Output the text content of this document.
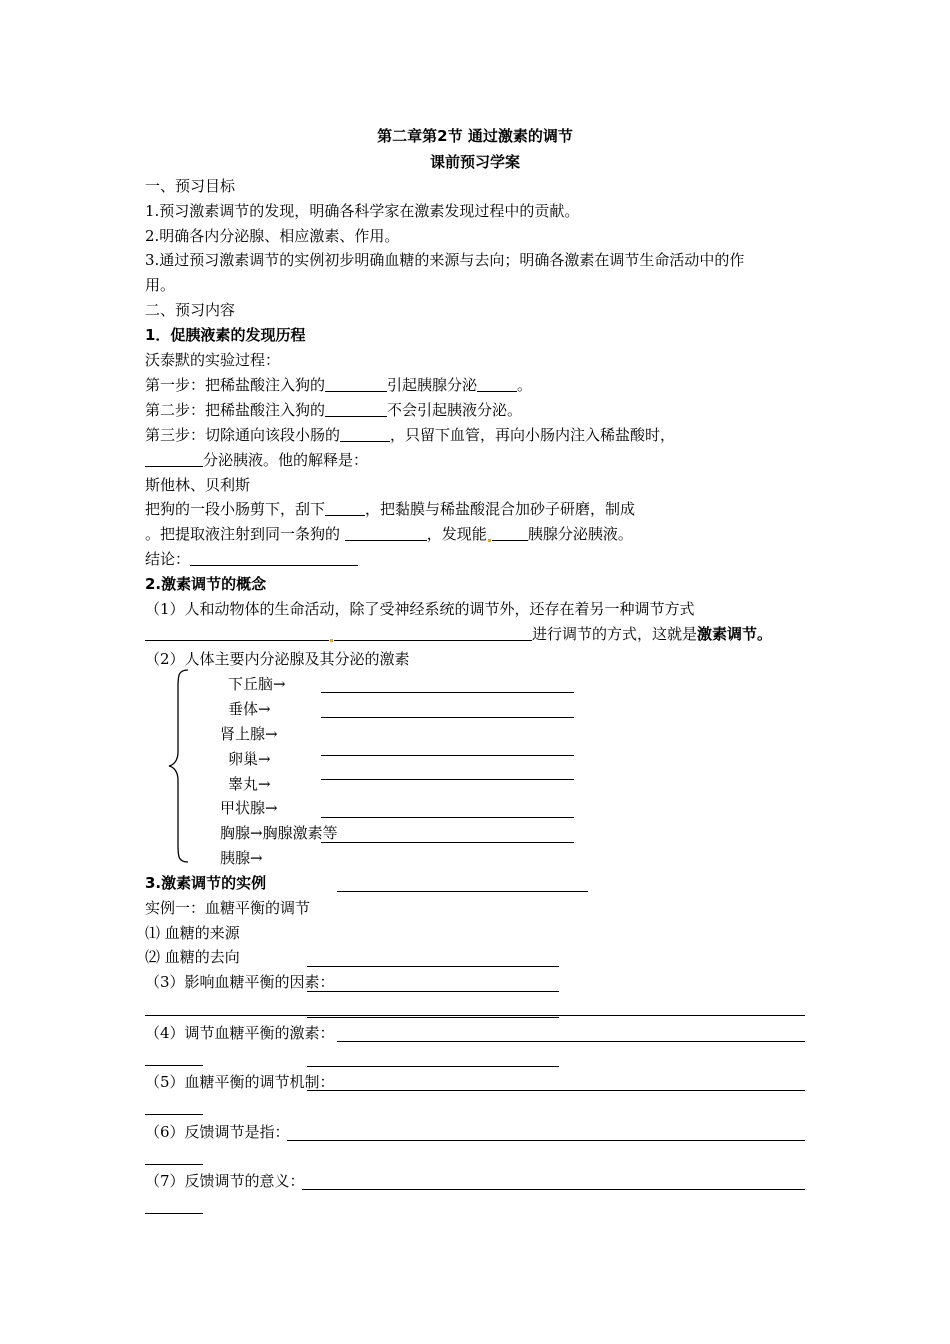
第二章第2节 通过激素的调节
课前预习学案
一、预习目标
1.预习激素调节的发现，明确各科学家在激素发现过程中的贡献。
2.明确各内分泌腺、相应激素、作用。
3.通过预习激素调节的实例初步明确血糖的来源与去向；明确各激素在调节生命活动中的作
用。
二、预习内容
1．促胰液素的发现历程
沃泰默的实验过程：
第一步：把稀盐酸注入狗的	引起胰腺分泌	。
第二步：把稀盐酸注入狗的	不会引起胰液分泌。
第三步：切除通向该段小肠的	，只留下血管，再向小肠内注入稀盐酸时，
分泌胰液。他的解释是：
斯他林、贝利斯
把狗的一段小肠剪下，刮下	，把黏膜与稀盐酸混合加砂子研磨，制成
。把提取液注射到同一条狗的	，发现能	胰腺分泌胰液。
结论：
2.激素调节的概念
（1）人和动物体的生命活动，除了受神经系统的调节外，还存在着另一种调节方式
进行调节的方式，这就是激素调节。
（2）人体主要内分泌腺及其分泌的激素
下丘脑→
垂体→
肾上腺→
卵巢→
睾丸→
甲状腺→
胸腺→胸腺激素等
胰腺→
3.激素调节的实例
实例一：血糖平衡的调节
⑴ 血糖的来源
⑵ 血糖的去向
（3）影响血糖平衡的因素：
（4）调节血糖平衡的激素：
（5）血糖平衡的调节机制：
（6）反馈调节是指：
（7）反馈调节的意义：
